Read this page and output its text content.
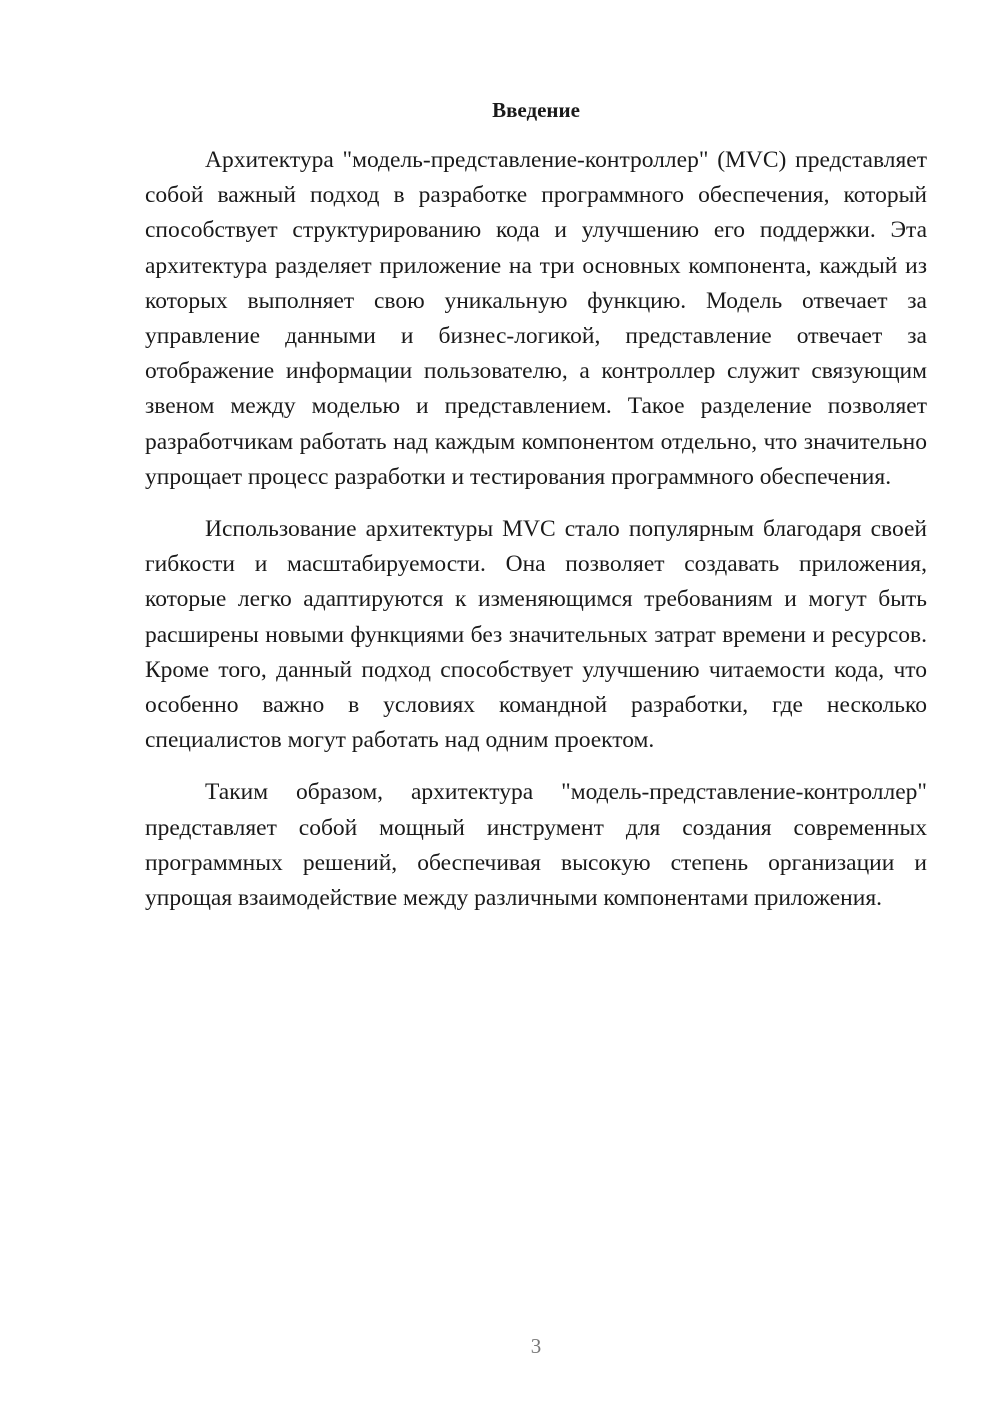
Введение

Архитектура "модель-представление-контроллер" (MVC) представляет собой важный подход в разработке программного обеспечения, который способствует структурированию кода и улучшению его поддержки. Эта архитектура разделяет приложение на три основных компонента, каждый из которых выполняет свою уникальную функцию. Модель отвечает за управление данными и бизнес-логикой, представление отвечает за отображение информации пользователю, а контроллер служит связующим звеном между моделью и представлением. Такое разделение позволяет разработчикам работать над каждым компонентом отдельно, что значительно упрощает процесс разработки и тестирования программного обеспечения.

Использование архитектуры MVC стало популярным благодаря своей гибкости и масштабируемости. Она позволяет создавать приложения, которые легко адаптируются к изменяющимся требованиям и могут быть расширены новыми функциями без значительных затрат времени и ресурсов. Кроме того, данный подход способствует улучшению читаемости кода, что особенно важно в условиях командной разработки, где несколько специалистов могут работать над одним проектом.

Таким образом, архитектура "модель-представление-контроллер" представляет собой мощный инструмент для создания современных программных решений, обеспечивая высокую степень организации и упрощая взаимодействие между различными компонентами приложения.

3
